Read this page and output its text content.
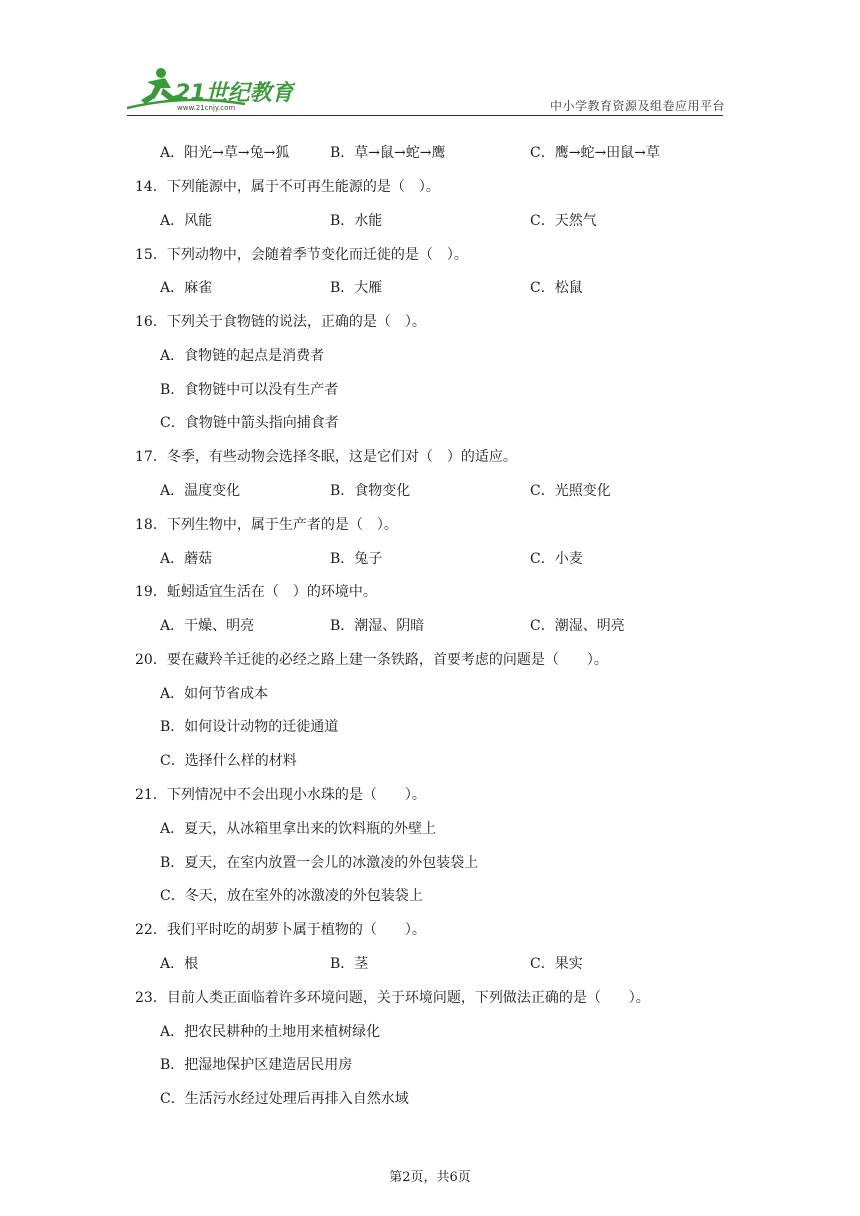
21世纪教育
www.21cnjy.com	中小学教育资源及组卷应用平台
A．阳光→草→兔→狐	B．草→鼠→蛇→鹰	C．鹰→蛇→田鼠→草
14．下列能源中，属于不可再生能源的是（　）。
A．风能	B．水能	C．天然气
15．下列动物中，会随着季节变化而迁徙的是（　）。
A．麻雀	B．大雁	C．松鼠
16．下列关于食物链的说法，正确的是（　）。
A．食物链的起点是消费者
B．食物链中可以没有生产者
C．食物链中箭头指向捕食者
17．冬季，有些动物会选择冬眠，这是它们对（　）的适应。
A．温度变化	B．食物变化	C．光照变化
18．下列生物中，属于生产者的是（　）。
A．蘑菇	B．兔子	C．小麦
19．蚯蚓适宜生活在（　）的环境中。
A．干燥、明亮	B．潮湿、阴暗	C．潮湿、明亮
20．要在藏羚羊迁徙的必经之路上建一条铁路，首要考虑的问题是（　　）。
A．如何节省成本
B．如何设计动物的迁徙通道
C．选择什么样的材料
21．下列情况中不会出现小水珠的是（　　）。
A．夏天，从冰箱里拿出来的饮料瓶的外壁上
B．夏天，在室内放置一会儿的冰激凌的外包装袋上
C．冬天，放在室外的冰激凌的外包装袋上
22．我们平时吃的胡萝卜属于植物的（　　）。
A．根	B．茎	C．果实
23．目前人类正面临着许多环境问题，关于环境问题，下列做法正确的是（　　）。
A．把农民耕种的土地用来植树绿化
B．把湿地保护区建造居民用房
C．生活污水经过处理后再排入自然水域
第2页，共6页
